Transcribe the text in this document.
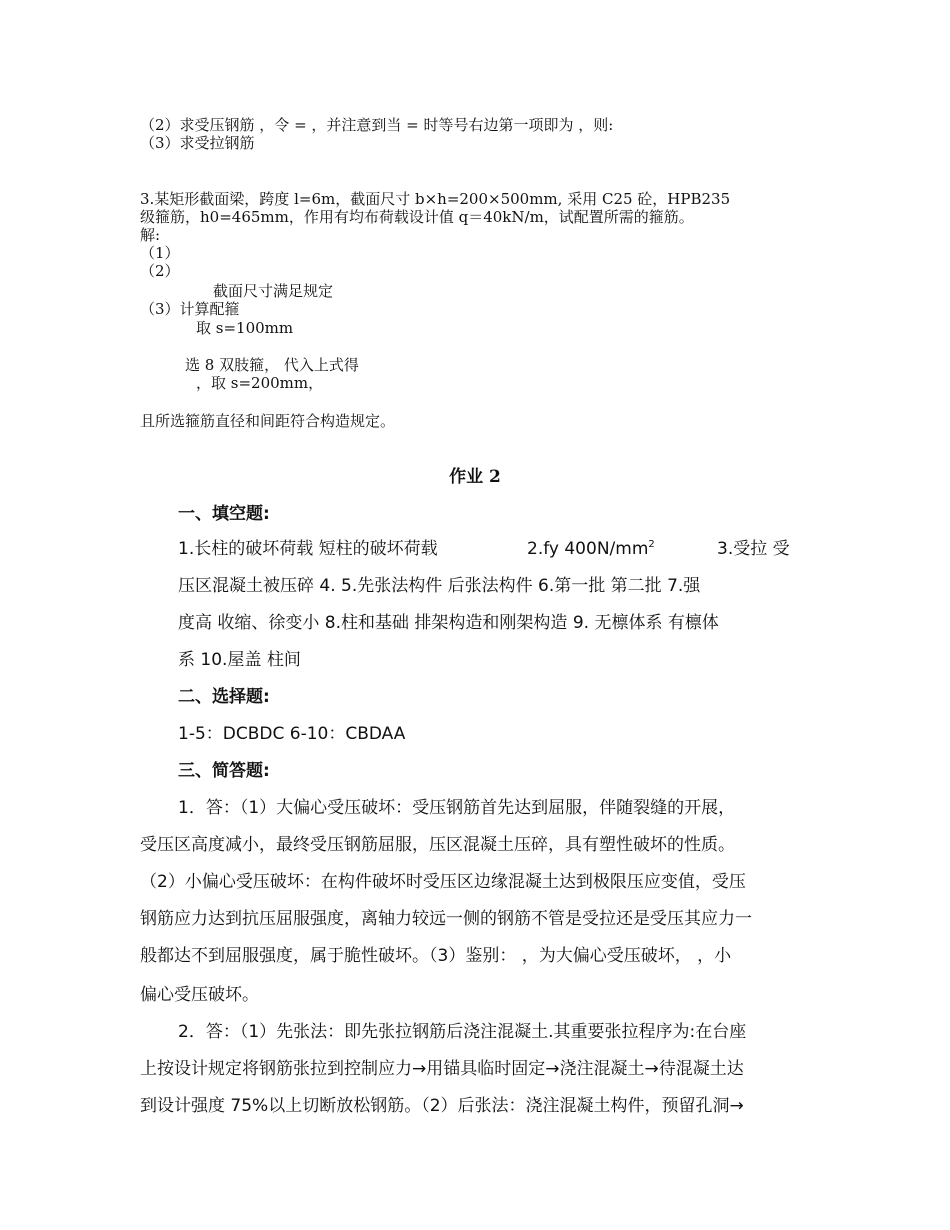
（2）求受压钢筋 ，令 = ，并注意到当 = 时等号右边第一项即为 ，则:
（3）求受拉钢筋
3.某矩形截面梁，跨度 l=6m，截面尺寸 b×h=200×500mm, 采用 C25 砼，HPB235
级箍筋，h0=465mm，作用有均布荷载设计值 q＝40kN/m，试配置所需的箍筋。
解:
（1）
（2）
截面尺寸满足规定
（3）计算配箍
取 s=100mm
选 8 双肢箍， 代入上式得
，取 s=200mm，
且所选箍筋直径和间距符合构造规定。
作业 2
一、填空题:
1.长柱的破坏荷载 短柱的破坏荷载	2.fy $400N/mm^2$	3.受拉 受
压区混凝土被压碎 4. 5.先张法构件 后张法构件 6.第一批 第二批 7.强
度高 收缩、徐变小 8.柱和基础 排架构造和刚架构造 9. 无檩体系 有檩体
系 10.屋盖 柱间
二、选择题:
1-5：DCBDC 6-10：CBDAA
三、简答题:
1．答：（1）大偏心受压破坏：受压钢筋首先达到屈服，伴随裂缝的开展，
受压区高度减小，最终受压钢筋屈服，压区混凝土压碎，具有塑性破坏的性质。
（2）小偏心受压破坏：在构件破坏时受压区边缘混凝土达到极限压应变值，受压
钢筋应力达到抗压屈服强度，离轴力较远一侧的钢筋不管是受拉还是受压其应力一
般都达不到屈服强度，属于脆性破坏。（3）鉴别： ，为大偏心受压破坏， ，小
偏心受压破坏。
2．答：（1）先张法：即先张拉钢筋后浇注混凝土.其重要张拉程序为:在台座
上按设计规定将钢筋张拉到控制应力→用锚具临时固定→浇注混凝土→待混凝土达
到设计强度 75%以上切断放松钢筋。（2）后张法：浇注混凝土构件，预留孔洞→
